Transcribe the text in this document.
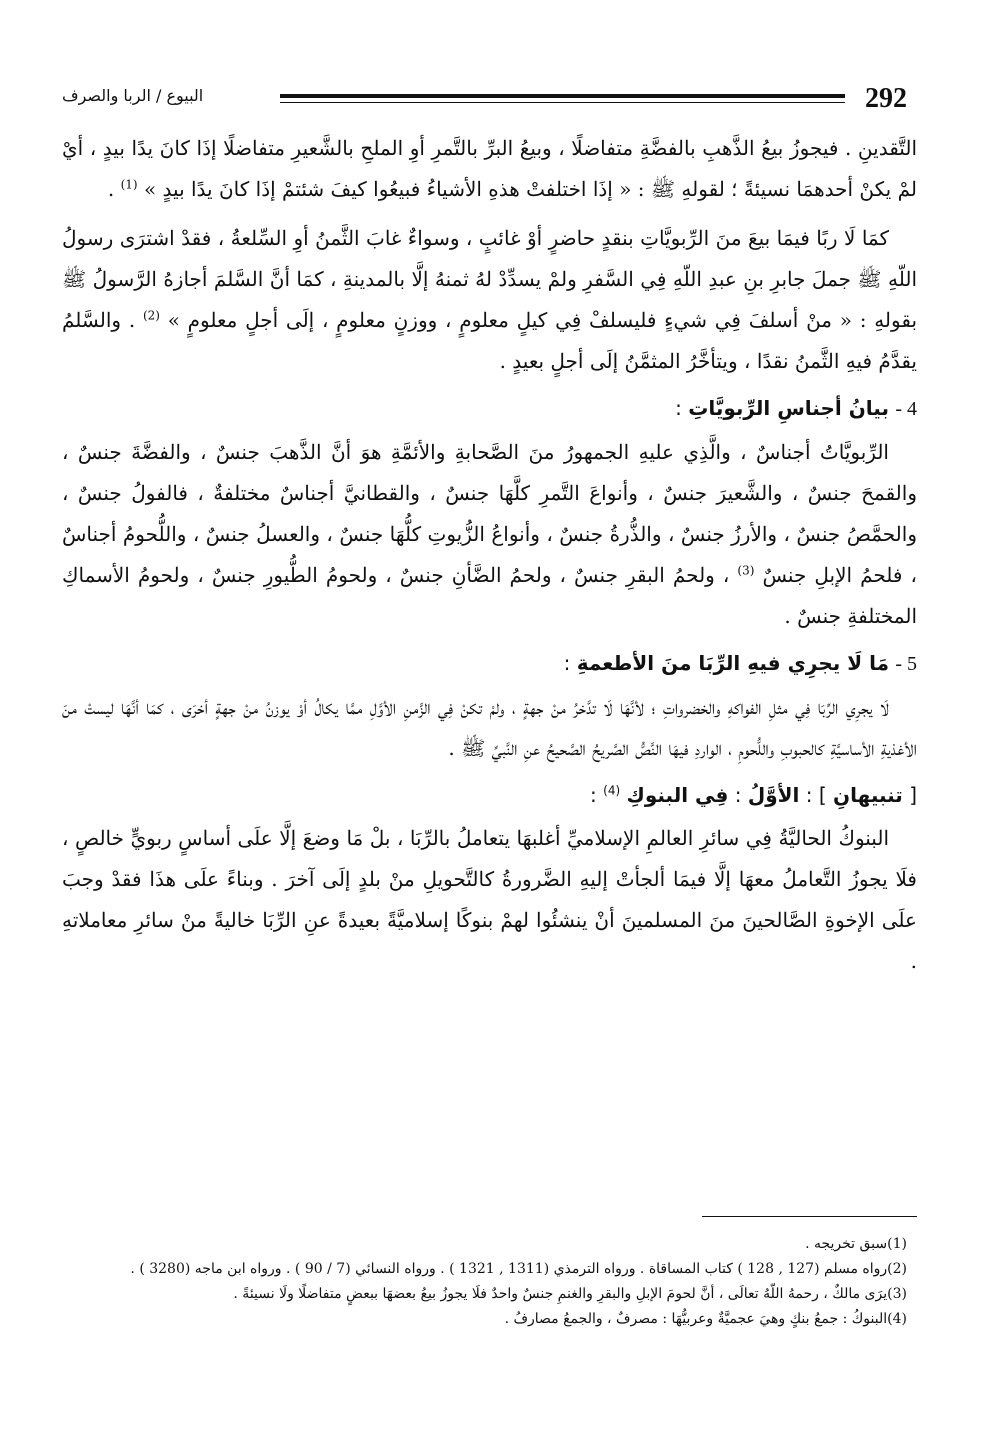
292
البيوع / الربا والصرف

التَّقدينِ . فيجوزُ بيعُ الذَّهبِ بالفضَّةِ متفاضلًا ، وبيعُ البرِّ بالتَّمرِ أوِ الملحِ بالشَّعيرِ متفاضلًا إذَا كانَ يدًا بيدٍ ، أيْ لمْ يكنْ أحدهمَا نسيئةً ؛ لقولهِ ﷺ : « إذَا اختلفتْ هذهِ الأشياءُ فبيعُوا كيفَ شئتمْ إذَا كانَ يدًا بيدٍ » $^{(1)}$ .

كمَا لَا ربًا فيمَا بيعَ منَ الرِّبويَّاتِ بنقدٍ حاضرٍ أوْ غائبٍ ، وسواءٌ غابَ الثَّمنُ أوِ السِّلعةُ ، فقدْ اشترَى رسولُ اللّهِ ﷺ جملَ جابرِ بنِ عبدِ اللّهِ فِي السَّفرِ ولمْ يسدِّدْ لهُ ثمنهُ إلَّا بالمدينةِ ، كمَا أنَّ السَّلمَ أجازهُ الرَّسولُ ﷺ بقولهِ : « منْ أسلفَ فِي شيءٍ فليسلفْ فِي كيلٍ معلومٍ ، ووزنٍ معلومٍ ، إلَى أجلٍ معلومٍ » $^{(2)}$ . والسَّلمُ يقدَّمُ فيهِ الثَّمنُ نقدًا ، ويتأخَّرُ المثمَّنُ إلَى أجلٍ بعيدٍ .

4 - بيانُ أجناسِ الرِّبويَّاتِ :

الرِّبويَّاتُ أجناسٌ ، والَّذِي عليهِ الجمهورُ منَ الصَّحابةِ والأئمَّةِ هوَ أنَّ الذَّهبَ جنسٌ ، والفضَّةَ جنسٌ ، والقمحَ جنسٌ ، والشَّعيرَ جنسٌ ، وأنواعَ التَّمرِ كلَّهَا جنسٌ ، والقطانيَّ أجناسٌ مختلفةٌ ، فالفولُ جنسٌ ، والحمَّصُ جنسٌ ، والأرزُ جنسٌ ، والذُّرةُ جنسٌ ، وأنواعُ الزُّيوتِ كلُّهَا جنسٌ ، والعسلُ جنسٌ ، واللُّحومُ أجناسٌ ، فلحمُ الإبلِ جنسٌ $^{(3)}$ ، ولحمُ البقرِ جنسٌ ، ولحمُ الضَّأنِ جنسٌ ، ولحومُ الطُّيورِ جنسٌ ، ولحومُ الأسماكِ المختلفةِ جنسٌ .

5 - مَا لَا يجرِي فيهِ الرِّبَا منَ الأطعمةِ :

لَا يجرِي الرِّبَا فِي مثلِ الفواكهِ والخضرواتِ ؛ لأنَّهَا لَا تدَّخرُ منْ جهةٍ ، ولمْ تكنْ فِي الزَّمنِ الأوَّلِ ممَّا يكالُ أوْ يوزنُ منْ جهةٍ أخرَى ، كمَا أنَّهَا ليستْ منَ الأغذيةِ الأساسيَّةِ كالحبوبِ واللُّحومِ ، الواردِ فيهَا النَّصُّ الصَّريحُ الصَّحيحُ عنِ النَّبيِّ ﷺ .

[ تنبيهانِ ] : الأوَّلُ : فِي البنوكِ $^{(4)}$ :

البنوكُ الحاليَّةُ فِي سائرِ العالمِ الإسلاميِّ أغلبهَا يتعاملُ بالرِّبَا ، بلْ مَا وضعَ إلَّا علَى أساسٍ ربويٍّ خالصٍ ، فلَا يجوزُ التَّعاملُ معهَا إلَّا فيمَا ألجأتْ إليهِ الضَّرورةُ كالتَّحويلِ منْ بلدٍ إلَى آخرَ . وبناءً علَى هذَا فقدْ وجبَ علَى الإخوةِ الصَّالحينَ منَ المسلمينَ أنْ ينشئُوا لهمْ بنوكًا إسلاميَّةً بعيدةً عنِ الرِّبَا خاليةً منْ سائرِ معاملاتهِ .

(1)سبق تخريجه .
(2)رواه مسلم (127 , 128 ) كتاب المساقاة . ورواه الترمذي (1311 , 1321 ) . ورواه النسائي (7 / 90 ) . ورواه ابن ماجه (3280 ) .
(3)يرَى مالكٌ ، رحمهُ اللّهُ تعالَى ، أنَّ لحومَ الإبلِ والبقرِ والغنمِ جنسٌ واحدٌ فلَا يجوزُ بيعُ بعضهَا ببعضٍ متفاضلًا ولَا نسيئةً .
(4)البنوكُ : جمعُ بنكٍ وهيَ عجميَّةٌ وعربيُّهَا : مصرفٌ ، والجمعُ مصارفُ .
